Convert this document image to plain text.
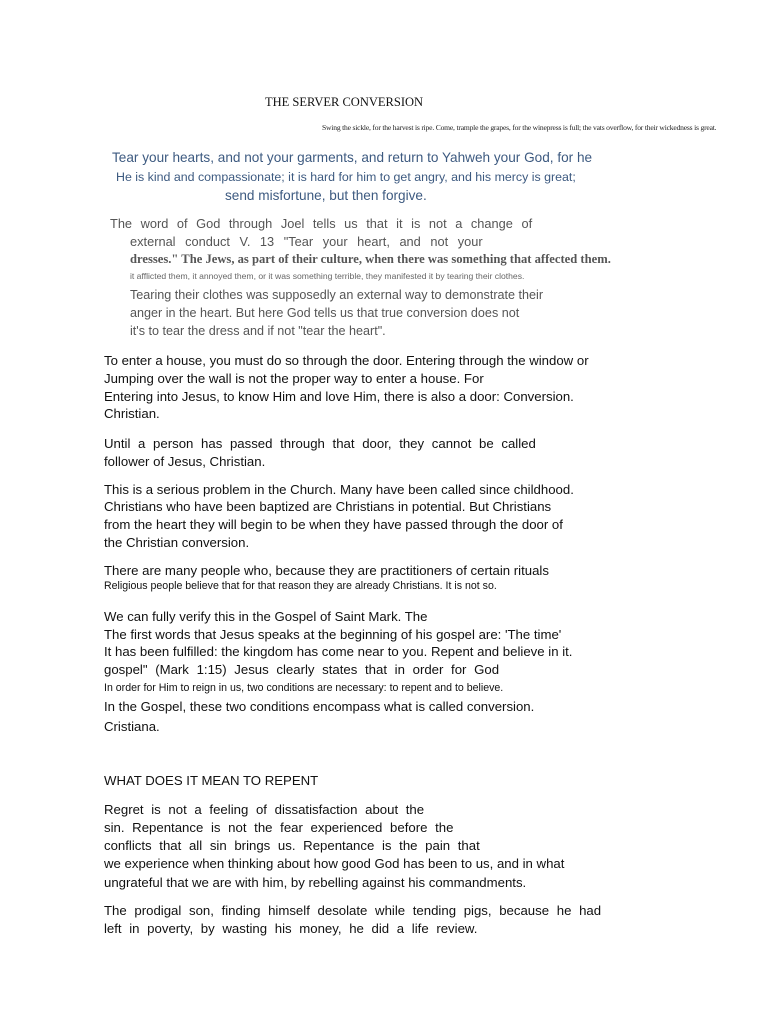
THE SERVER CONVERSION
Swing the sickle, for the harvest is ripe. Come, trample the grapes, for the winepress is full; the vats overflow, for their wickedness is great.
Tear your hearts, and not your garments, and return to Yahweh your God, for he
He is kind and compassionate; it is hard for him to get angry, and his mercy is great;
send misfortune, but then forgive.
The word of God through Joel tells us that it is not a change of
external conduct V. 13 "Tear your heart, and not your
dresses." The Jews, as part of their culture, when there was something that affected them.
it afflicted them, it annoyed them, or it was something terrible, they manifested it by tearing their clothes.
Tearing their clothes was supposedly an external way to demonstrate their
anger in the heart. But here God tells us that true conversion does not
it's to tear the dress and if not "tear the heart".
To enter a house, you must do so through the door. Entering through the window or
Jumping over the wall is not the proper way to enter a house. For
Entering into Jesus, to know Him and love Him, there is also a door: Conversion.
Christian.
Until a person has passed through that door, they cannot be called
follower of Jesus, Christian.
This is a serious problem in the Church. Many have been called since childhood.
Christians who have been baptized are Christians in potential. But Christians
from the heart they will begin to be when they have passed through the door of
the Christian conversion.
There are many people who, because they are practitioners of certain rituals
Religious people believe that for that reason they are already Christians. It is not so.
We can fully verify this in the Gospel of Saint Mark. The
The first words that Jesus speaks at the beginning of his gospel are: 'The time'
It has been fulfilled: the kingdom has come near to you. Repent and believe in it.
gospel" (Mark 1:15) Jesus clearly states that in order for God
In order for Him to reign in us, two conditions are necessary: to repent and to believe.
In the Gospel, these two conditions encompass what is called conversion.
Cristiana.
WHAT DOES IT MEAN TO REPENT
Regret is not a feeling of dissatisfaction about the
sin. Repentance is not the fear experienced before the
conflicts that all sin brings us. Repentance is the pain that
we experience when thinking about how good God has been to us, and in what
ungrateful that we are with him, by rebelling against his commandments.
The prodigal son, finding himself desolate while tending pigs, because he had
left in poverty, by wasting his money, he did a life review.
